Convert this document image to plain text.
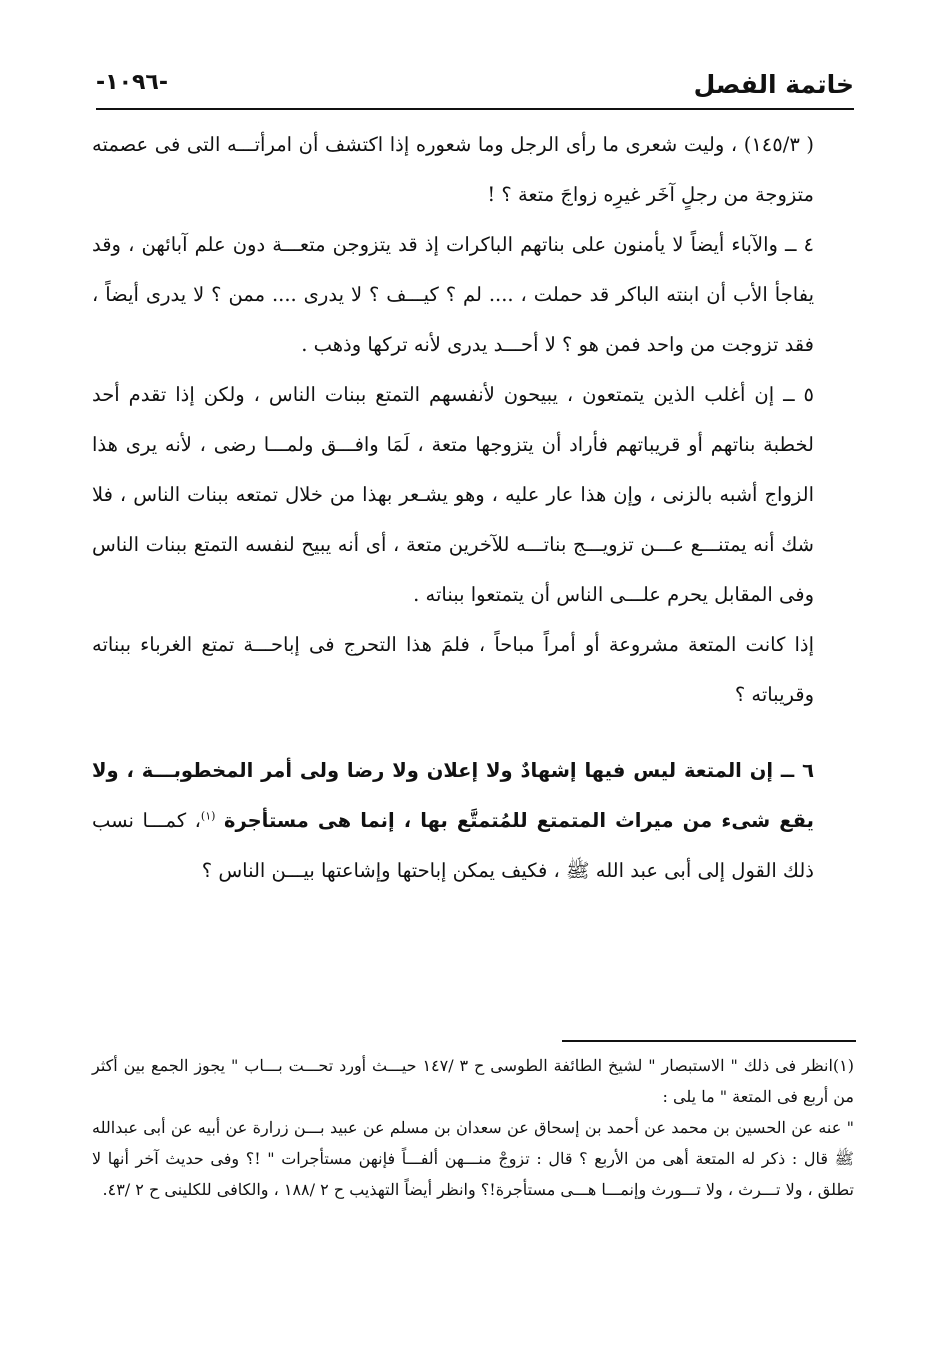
خاتمة الفصل
-١٠٩٦-

( ١٤٥/٣) ، وليت شعرى ما رأى الرجل وما شعوره إذا اكتشف أن امرأتـــه التى فى عصمته متزوجة من رجلٍ آخَر غيرِه زواجَ متعة ؟ !

٤ ــ والآباء أيضاً لا يأمنون على بناتهم الباكرات إذ قد يتزوجن متعـــة دون علم آبائهن ، وقد يفاجأ الأب أن ابنته الباكر قد حملت ، .... لم ؟ كيـــف ؟ لا يدرى .... ممن ؟ لا يدرى أيضاً ، فقد تزوجت من واحد فمن هو ؟ لا أحـــد يدرى لأنه تركها وذهب .

٥ ــ إن أغلب الذين يتمتعون ، يبيحون لأنفسهم التمتع ببنات الناس ، ولكن إذا تقدم أحد لخطبة بناتهم أو قريباتهم فأراد أن يتزوجها متعة ، لَمَا وافـــق ولمـــا رضى ، لأنه يرى هذا الزواج أشبه بالزنى ، وإن هذا عار عليه ، وهو يشـعر بهذا من خلال تمتعه ببنات الناس ، فلا شك أنه يمتنـــع عـــن تزويـــج بناتـــه للآخرين متعة ، أى أنه يبيح لنفسه التمتع ببنات الناس وفى المقابل يحرم علـــى الناس أن يتمتعوا ببناته .

إذا كانت المتعة مشروعة أو أمراً مباحاً ، فلمَ هذا التحرج فى إباحـــة تمتع الغرباء ببناته وقريباته ؟

٦ ــ إن المتعة ليس فيها إشهادٌ ولا إعلان ولا رضا ولى أمر المخطوبـــة ، ولا يقع شىء من ميراث المتمتع للمُتمتَّع بها ، إنما هى مستأجرة $^{(١)}$، كمـــا نسب ذلك القول إلى أبى عبد الله ﷺ ، فكيف يمكن إباحتها وإشاعتها بيـــن الناس ؟

(١)انظر فى ذلك " الاستبصار " لشيخ الطائفة الطوسى ح ٣ /١٤٧ حيـــث أورد تحـــت بـــاب " يجوز الجمع بين أكثر من أربع فى المتعة " ما يلى :

" عنه عن الحسين بن محمد عن أحمد بن إسحاق عن سعدان بن مسلم عن عبيد بـــن زرارة عن أبيه عن أبى عبدالله ﷺ قال : ذكر له المتعة أهى من الأربع ؟ قال : تزوجْ منـــهن ألفـــاً فإنهن مستأجرات " !؟ وفى حديث آخر أنها لا تطلق ، ولا تـــرث ، ولا تـــورث وإنمـــا هـــى مستأجرة!؟ وانظر أيضاً التهذيب ح ٢ /١٨٨ ، والكافى للكلينى ح ٢ /٤٣.
